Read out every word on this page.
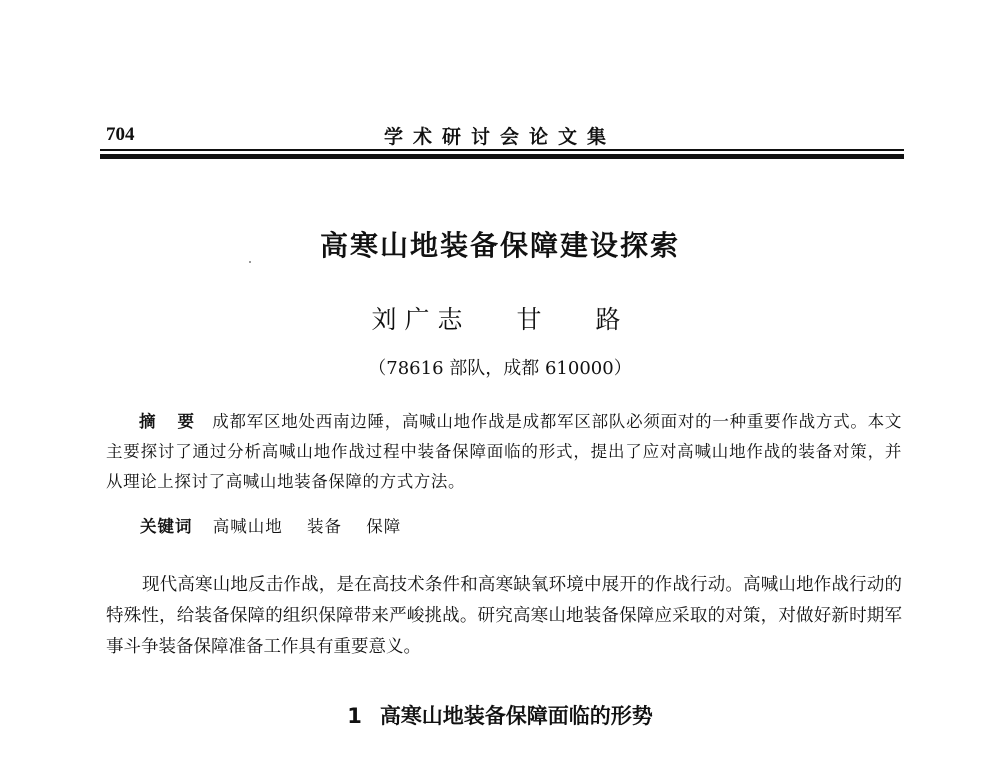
704	学术研讨会论文集
高寒山地装备保障建设探索
刘广志 甘 路
（78616 部队，成都 610000）
摘 要 成都军区地处西南边陲，高喊山地作战是成都军区部队必须面对的一种重要作战方式。本文主要探讨了通过分析高喊山地作战过程中装备保障面临的形式，提出了应对高喊山地作战的装备对策，并从理论上探讨了高喊山地装备保障的方式方法。
关键词 高喊山地 装备 保障
现代高寒山地反击作战，是在高技术条件和高寒缺氧环境中展开的作战行动。高喊山地作战行动的特殊性，给装备保障的组织保障带来严峻挑战。研究高寒山地装备保障应采取的对策，对做好新时期军事斗争装备保障准备工作具有重要意义。
1 高寒山地装备保障面临的形势
